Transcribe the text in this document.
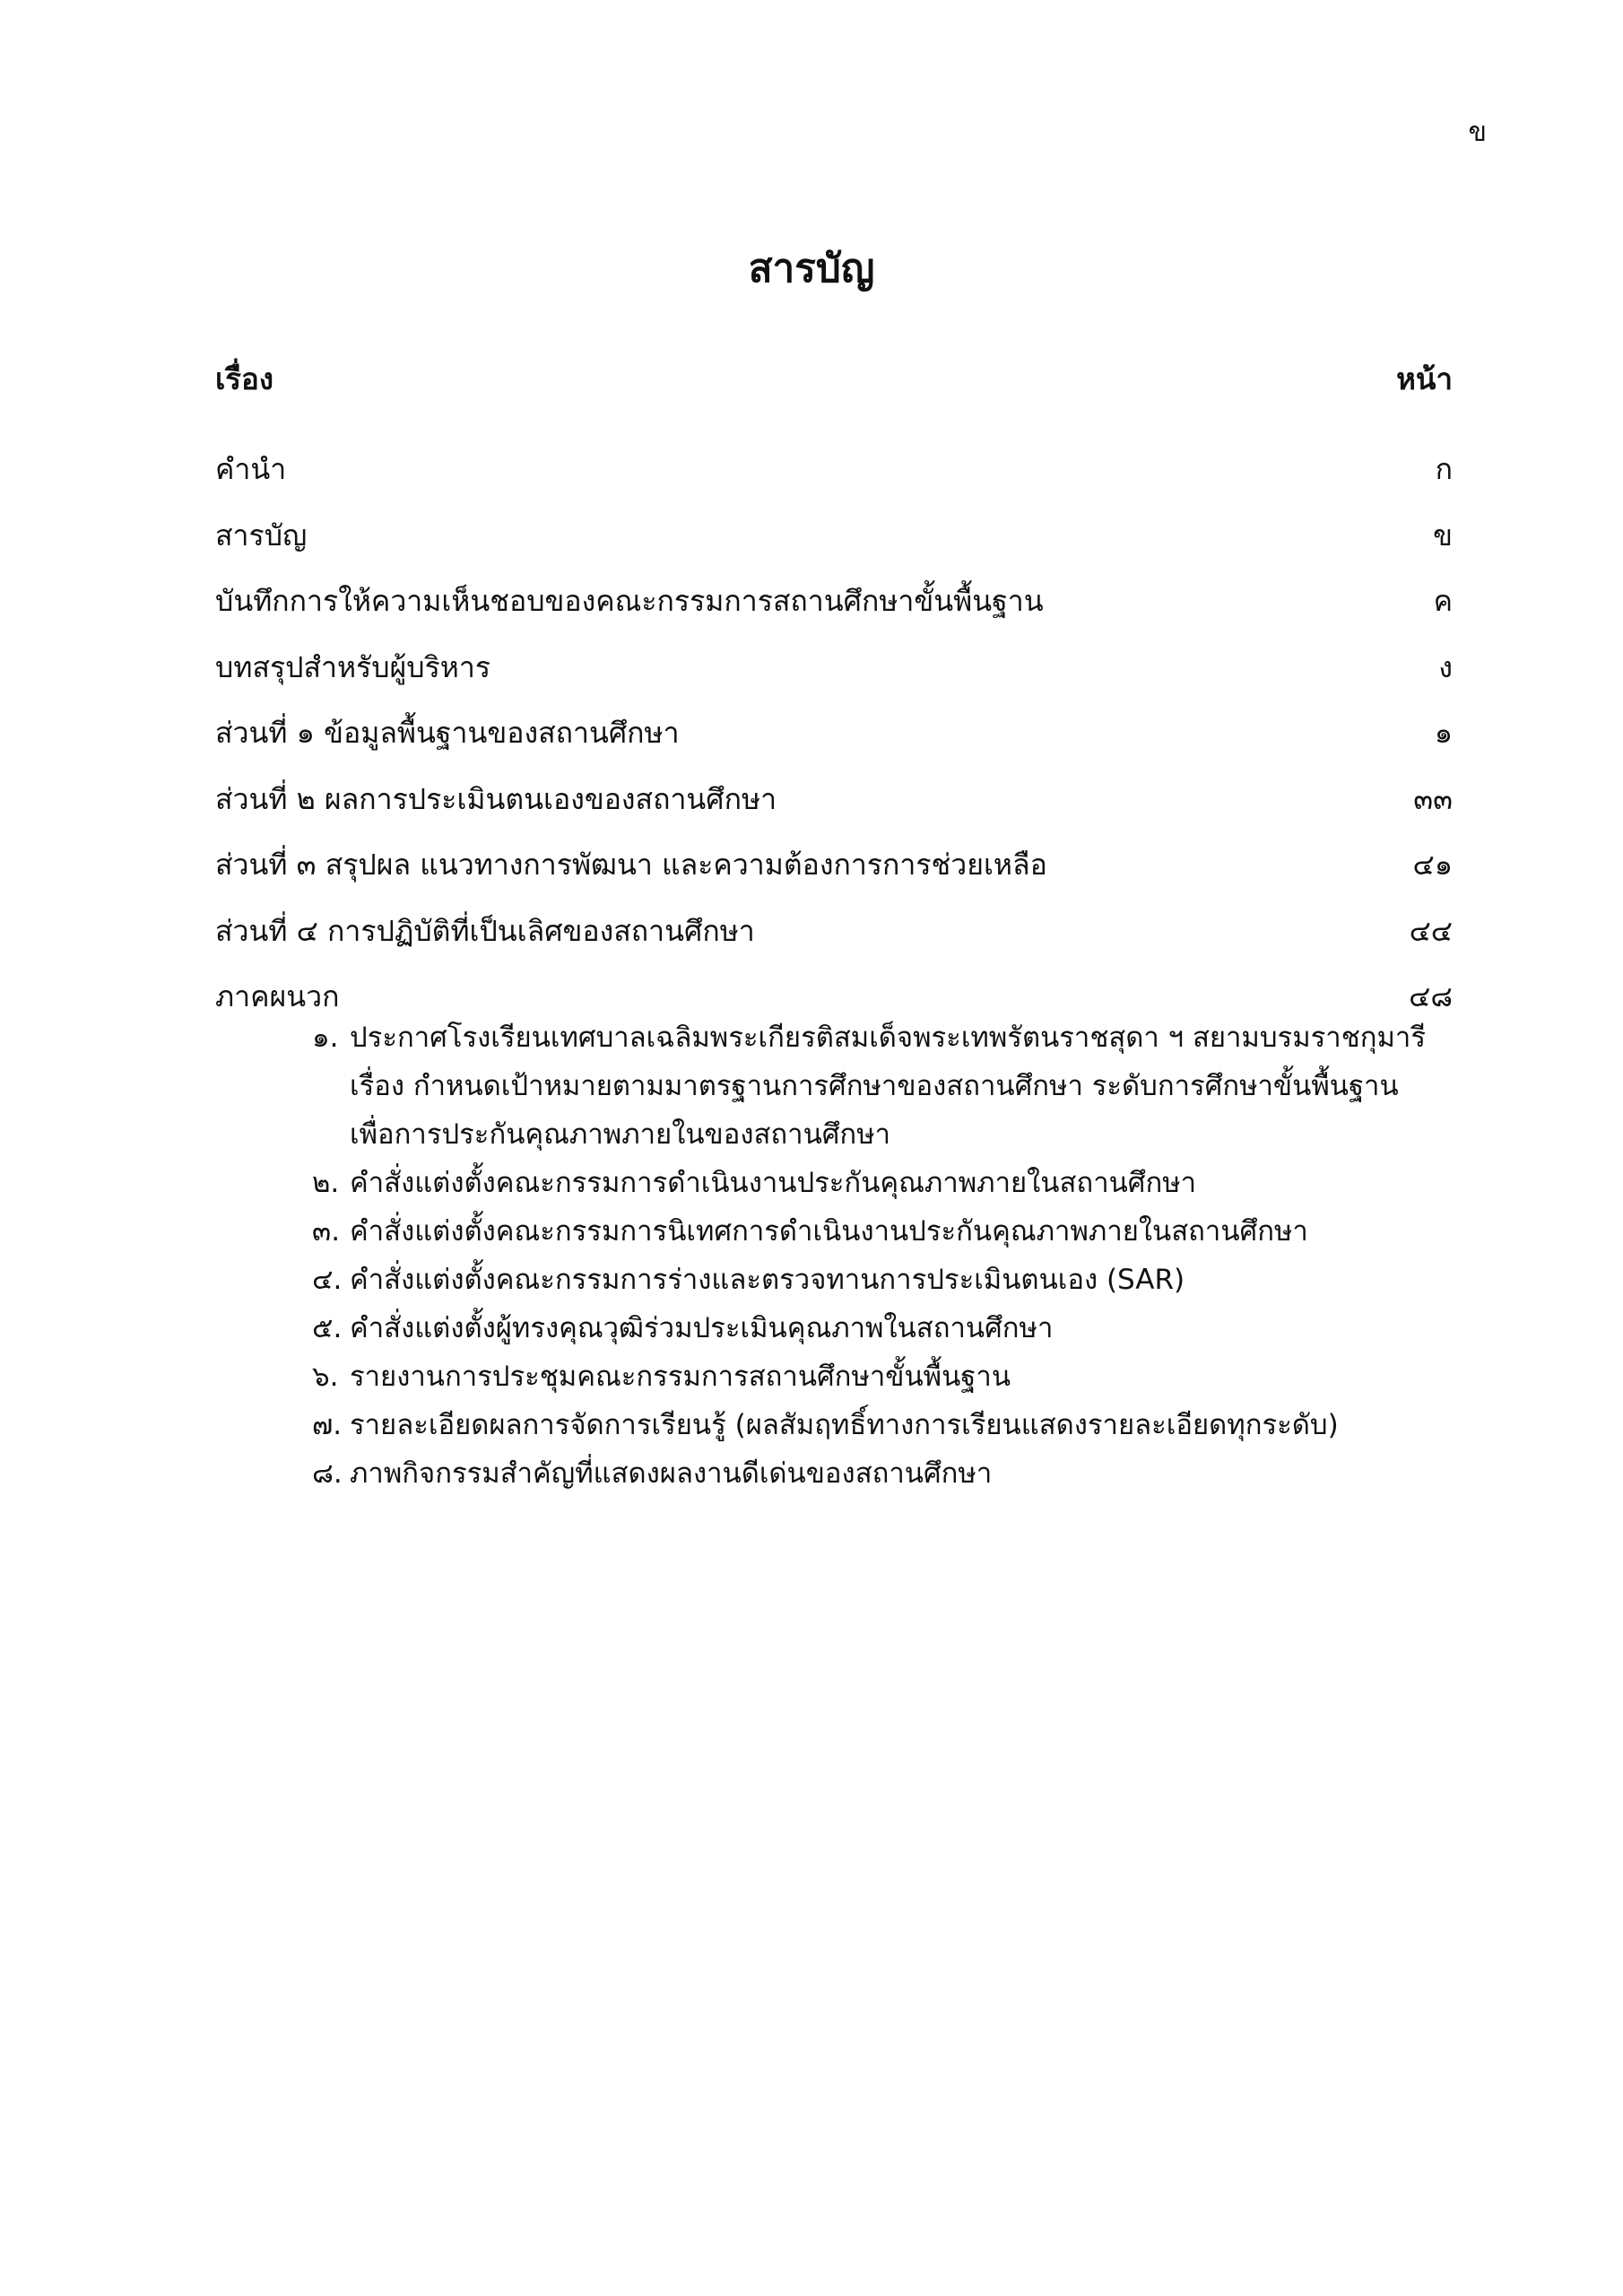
ข
สารบัญ
เรื่อง	หน้า
คำนำ	ก
สารบัญ	ข
บันทึกการให้ความเห็นชอบของคณะกรรมการสถานศึกษาขั้นพื้นฐาน	ค
บทสรุปสำหรับผู้บริหาร	ง
ส่วนที่ ๑ ข้อมูลพื้นฐานของสถานศึกษา	๑
ส่วนที่ ๒ ผลการประเมินตนเองของสถานศึกษา	๓๓
ส่วนที่ ๓ สรุปผล แนวทางการพัฒนา และความต้องการการช่วยเหลือ	๔๑
ส่วนที่ ๔ การปฏิบัติที่เป็นเลิศของสถานศึกษา	๔๔
ภาคผนวก	๔๘
๑. ประกาศโรงเรียนเทศบาลเฉลิมพระเกียรติสมเด็จพระเทพรัตนราชสุดา ฯ สยามบรมราชกุมารี
เรื่อง กำหนดเป้าหมายตามมาตรฐานการศึกษาของสถานศึกษา ระดับการศึกษาขั้นพื้นฐาน
เพื่อการประกันคุณภาพภายในของสถานศึกษา
๒. คำสั่งแต่งตั้งคณะกรรมการดำเนินงานประกันคุณภาพภายในสถานศึกษา
๓. คำสั่งแต่งตั้งคณะกรรมการนิเทศการดำเนินงานประกันคุณภาพภายในสถานศึกษา
๔. คำสั่งแต่งตั้งคณะกรรมการร่างและตรวจทานการประเมินตนเอง (SAR)
๕. คำสั่งแต่งตั้งผู้ทรงคุณวุฒิร่วมประเมินคุณภาพในสถานศึกษา
๖. รายงานการประชุมคณะกรรมการสถานศึกษาขั้นพื้นฐาน
๗. รายละเอียดผลการจัดการเรียนรู้ (ผลสัมฤทธิ์ทางการเรียนแสดงรายละเอียดทุกระดับ)
๘. ภาพกิจกรรมสำคัญที่แสดงผลงานดีเด่นของสถานศึกษา
